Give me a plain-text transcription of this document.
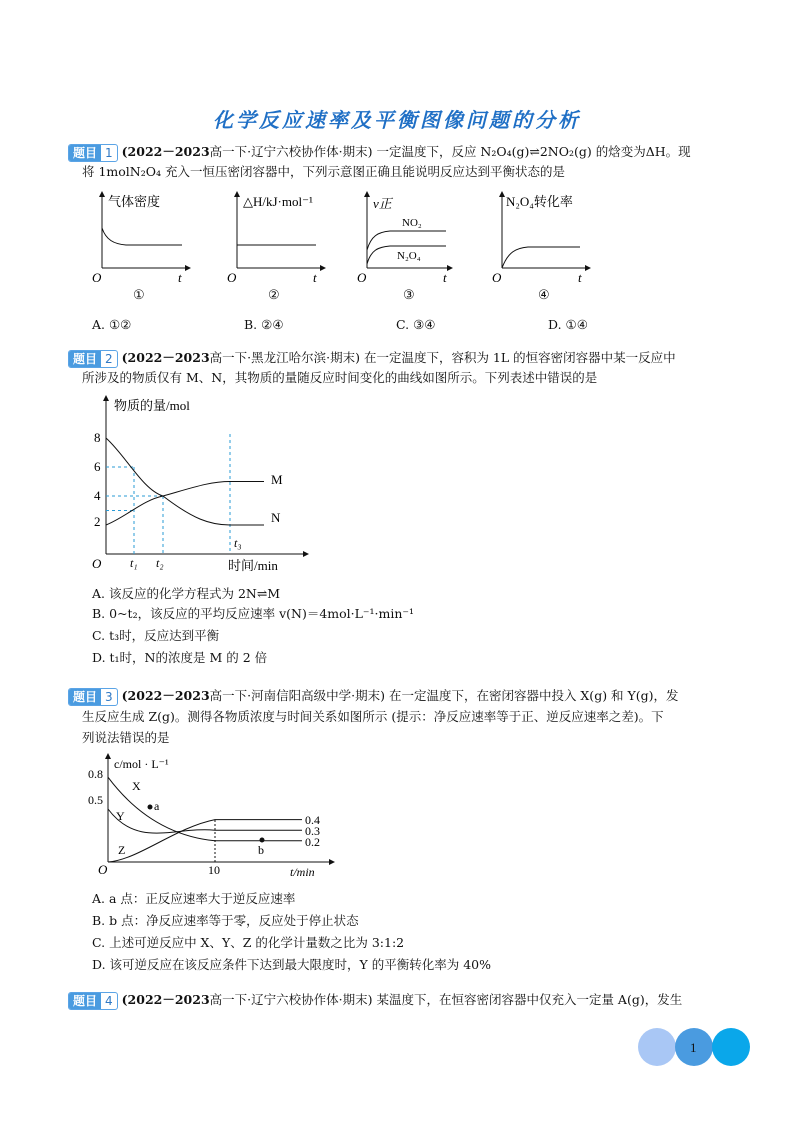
化学反应速率及平衡图像问题的分析
题目 1 (2022－2023高一下·辽宁六校协作体·期末) 一定温度下，反应 N₂O₄(g)⇌2NO₂(g) 的焓变为ΔH。现
将 1molN₂O₄ 充入一恒压密闭容器中，下列示意图正确且能说明反应达到平衡状态的是
气体密度
O	t
△H/kJ·mol⁻¹
O	t
v正
NO₂
N₂O₄
O	t
N₂O₄转化率
O	t
①	②	③	④
A. ①②	B. ②④	C. ③④	D. ①④
题目 2 (2022－2023高一下·黑龙江哈尔滨·期末) 在一定温度下，容积为 1L 的恒容密闭容器中某一反应中
所涉及的物质仅有 M、N，其物质的量随反应时间变化的曲线如图所示。下列表述中错误的是
物质的量/mol
时间/min
O
8
6
4
2
t₁ t₂
t₃
M
N
A. 该反应的化学方程式为 2N⇌M
B. 0~t₂，该反应的平均反应速率 v(N)＝4mol·L⁻¹·min⁻¹
C. t₃时，反应达到平衡
D. t₁时，N的浓度是 M 的 2 倍
题目 3 (2022－2023高一下·河南信阳高级中学·期末) 在一定温度下，在密闭容器中投入 X(g) 和 Y(g)，发
生反应生成 Z(g)。测得各物质浓度与时间关系如图所示 (提示：净反应速率等于正、逆反应速率之差)。下
列说法错误的是
c/mol · L⁻¹
t/min
O
0.8
0.5
10
X
Y
Z
a
b
0.4
0.3
0.2
A. a 点：正反应速率大于逆反应速率
B. b 点：净反应速率等于零，反应处于停止状态
C. 上述可逆反应中 X、Y、Z 的化学计量数之比为 3:1:2
D. 该可逆反应在该反应条件下达到最大限度时，Y 的平衡转化率为 40%
题目 4 (2022－2023高一下·辽宁六校协作体·期末) 某温度下，在恒容密闭容器中仅充入一定量 A(g)，发生
1
